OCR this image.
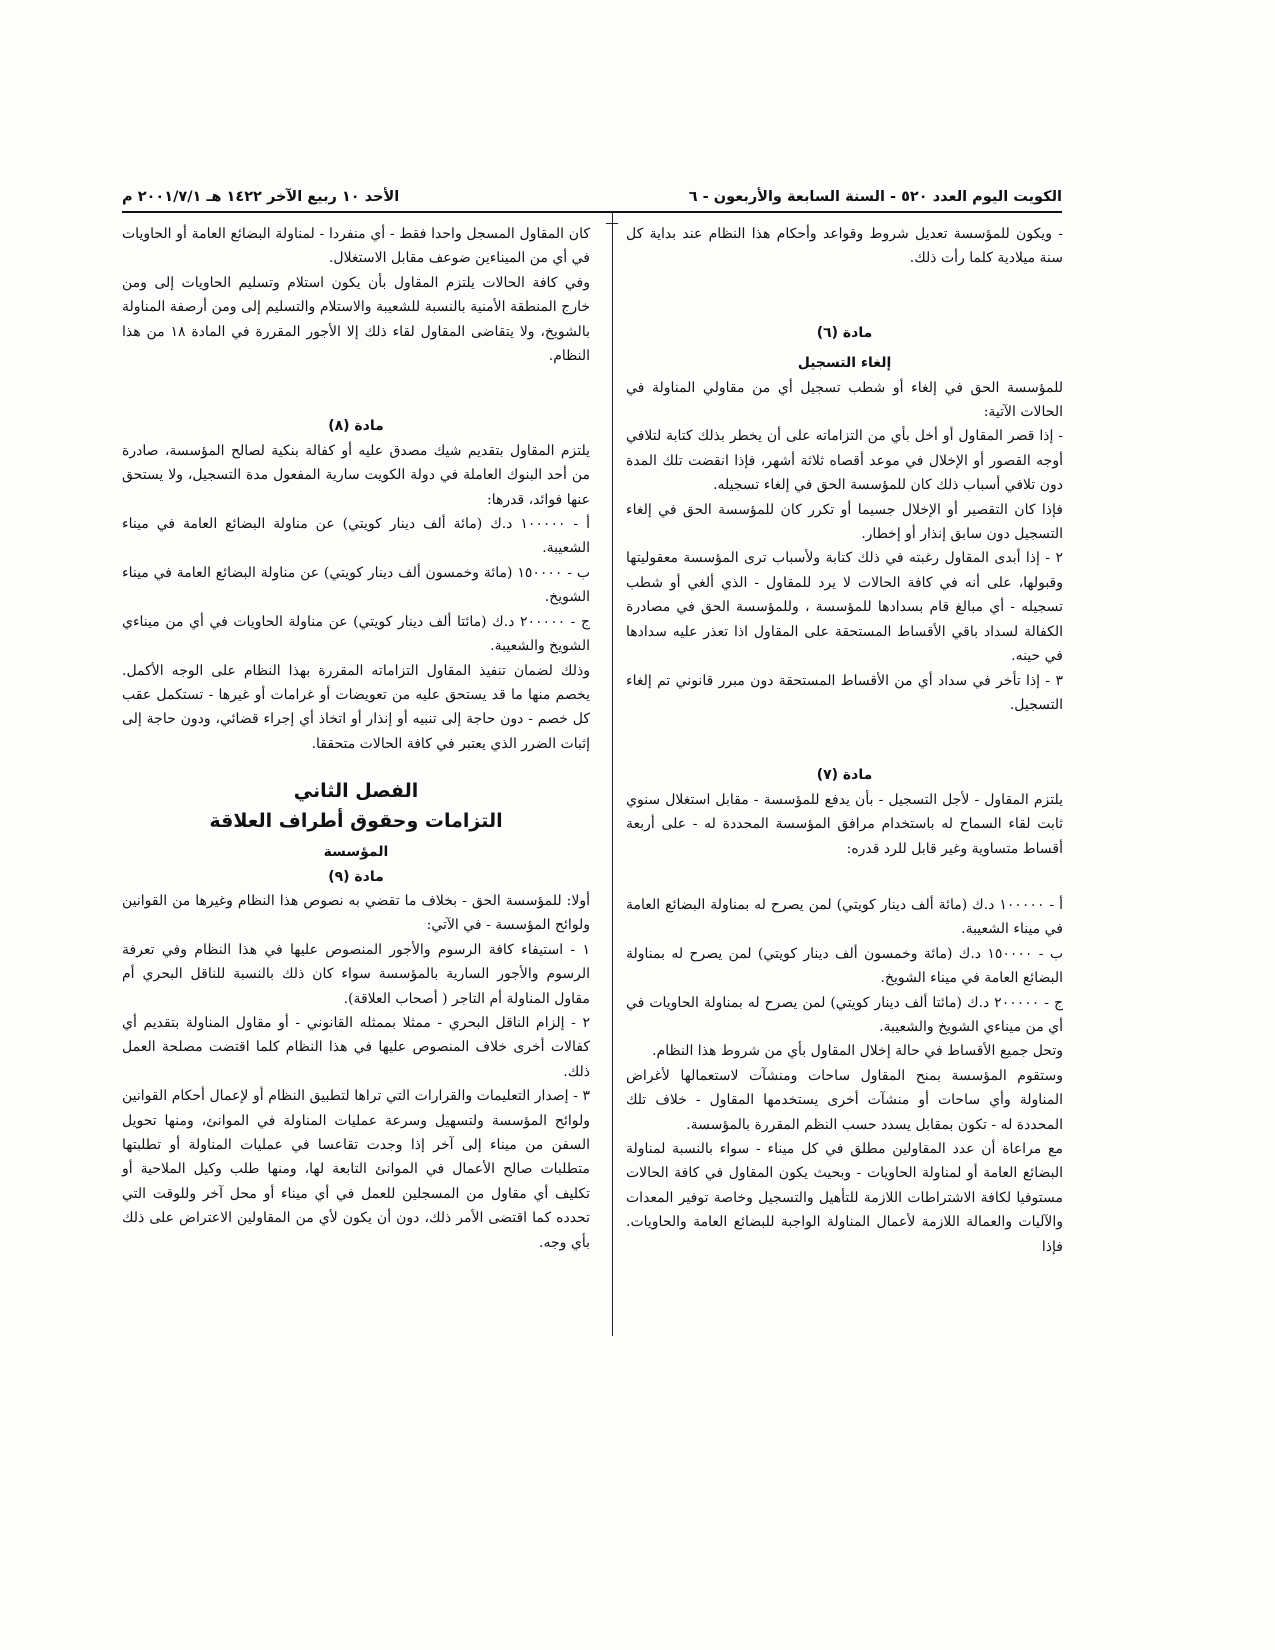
الكويت اليوم العدد ٥٢٠ - السنة السابعة والأربعون - ٦
الأحد ١٠ ربيع الآخر ١٤٢٢ هـ ٢٠٠١/٧/١ م

- ويكون للمؤسسة تعديل شروط وقواعد وأحكام هذا النظام عند بداية كل سنة ميلادية كلما رأت ذلك.

مادة (٦)

إلغاء التسجيل

للمؤسسة الحق في إلغاء أو شطب تسجيل أي من مقاولي المناولة في الحالات الآتية:

- إذا قصر المقاول أو أخل بأي من التزاماته على أن يخطر بذلك كتابة لتلافي أوجه القصور أو الإخلال في موعد أقصاه ثلاثة أشهر، فإذا انقضت تلك المدة دون تلافي أسباب ذلك كان للمؤسسة الحق في إلغاء تسجيله.

فإذا كان التقصير أو الإخلال جسيما أو تكرر كان للمؤسسة الحق في إلغاء التسجيل دون سابق إنذار أو إخطار.

٢ - إذا أبدى المقاول رغبته في ذلك كتابة ولأسباب ترى المؤسسة معقوليتها وقبولها، على أنه في كافة الحالات لا يرد للمقاول - الذي ألغي أو شطب تسجيله - أي مبالغ قام بسدادها للمؤسسة ، وللمؤسسة الحق في مصادرة الكفالة لسداد باقي الأقساط المستحقة على المقاول اذا تعذر عليه سدادها في حينه.

٣ - إذا تأخر في سداد أي من الأقساط المستحقة دون مبرر قانوني تم إلغاء التسجيل.

مادة (٧)

يلتزم المقاول - لأجل التسجيل - بأن يدفع للمؤسسة - مقابل استغلال سنوي ثابت لقاء السماح له باستخدام مرافق المؤسسة المحددة له - على أربعة أقساط متساوية وغير قابل للرد قدره:

أ - ١٠٠٠٠٠ د.ك (مائة ألف دينار كويتي) لمن يصرح له بمناولة البضائع العامة في ميناء الشعيبة.

ب - ١٥٠٠٠٠ د.ك (مائة وخمسون ألف دينار كويتي) لمن يصرح له بمناولة البضائع العامة في ميناء الشويخ.

ج - ٢٠٠٠٠٠ د.ك (مائتا ألف دينار كويتي) لمن يصرح له بمناولة الحاويات في أي من ميناءي الشويخ والشعيبة.

وتحل جميع الأقساط في حالة إخلال المقاول بأي من شروط هذا النظام.

وستقوم المؤسسة بمنح المقاول ساحات ومنشآت لاستعمالها لأغراض المناولة وأي ساحات أو منشآت أخرى يستخدمها المقاول - خلاف تلك المحددة له - تكون بمقابل يسدد حسب النظم المقررة بالمؤسسة.

مع مراعاة أن عدد المقاولين مطلق في كل ميناء - سواء بالنسبة لمناولة البضائع العامة أو لمناولة الحاويات - وبحيث يكون المقاول في كافة الحالات مستوفيا لكافة الاشتراطات اللازمة للتأهيل والتسجيل وخاصة توفير المعدات والآليات والعمالة اللازمة لأعمال المناولة الواجبة للبضائع العامة والحاويات. فإذا

كان المقاول المسجل واحدا فقط - أي منفردا - لمناولة البضائع العامة أو الحاويات في أي من الميناءين ضوعف مقابل الاستغلال.

وفي كافة الحالات يلتزم المقاول بأن يكون استلام وتسليم الحاويات إلى ومن خارج المنطقة الأمنية بالنسبة للشعيبة والاستلام والتسليم إلى ومن أرصفة المناولة بالشويخ، ولا يتقاضى المقاول لقاء ذلك إلا الأجور المقررة في المادة ١٨ من هذا النظام.

مادة (٨)

يلتزم المقاول بتقديم شيك مصدق عليه أو كفالة بنكية لصالح المؤسسة، صادرة من أحد البنوك العاملة في دولة الكويت سارية المفعول مدة التسجيل، ولا يستحق عنها فوائد، قدرها:

أ - ١٠٠٠٠٠ د.ك (مائة ألف دينار كويتي) عن مناولة البضائع العامة في ميناء الشعيبة.

ب - ١٥٠٠٠٠ (مائة وخمسون ألف دينار كويتي) عن مناولة البضائع العامة في ميناء الشويخ.

ج - ٢٠٠٠٠٠ د.ك (مائتا ألف دينار كويتي) عن مناولة الحاويات في أي من ميناءي الشويخ والشعيبة.

وذلك لضمان تنفيذ المقاول التزاماته المقررة بهذا النظام على الوجه الأكمل. يخصم منها ما قد يستحق عليه من تعويضات أو غرامات أو غيرها - تستكمل عقب كل خصم - دون حاجة إلى تنبيه أو إنذار أو اتخاذ أي إجراء قضائي، ودون حاجة إلى إثبات الضرر الذي يعتبر في كافة الحالات متحققا.

الفصل الثاني

التزامات وحقوق أطراف العلاقة

المؤسسة

مادة (٩)

أولا: للمؤسسة الحق - بخلاف ما تقضي به نصوص هذا النظام وغيرها من القوانين ولوائح المؤسسة - في الآتي:

١ - استيفاء كافة الرسوم والأجور المنصوص عليها في هذا النظام وفي تعرفة الرسوم والأجور السارية بالمؤسسة سواء كان ذلك بالنسبة للناقل البحري أم مقاول المناولة أم التاجر ( أصحاب العلاقة).

٢ - إلزام الناقل البحري - ممثلا بممثله القانوني - أو مقاول المناولة بتقديم أي كفالات أخرى خلاف المنصوص عليها في هذا النظام كلما اقتضت مصلحة العمل ذلك.

٣ - إصدار التعليمات والقرارات التي تراها لتطبيق النظام أو لإعمال أحكام القوانين ولوائح المؤسسة ولتسهيل وسرعة عمليات المناولة في الموانئ، ومنها تحويل السفن من ميناء إلى آخر إذا وجدت تقاعسا في عمليات المناولة أو تطلبتها متطلبات صالح الأعمال في الموانئ التابعة لها، ومنها طلب وكيل الملاحية أو تكليف أي مقاول من المسجلين للعمل في أي ميناء أو محل آخر وللوقت التي تحدده كما اقتضى الأمر ذلك، دون أن يكون لأي من المقاولين الاعتراض على ذلك بأي وجه.
